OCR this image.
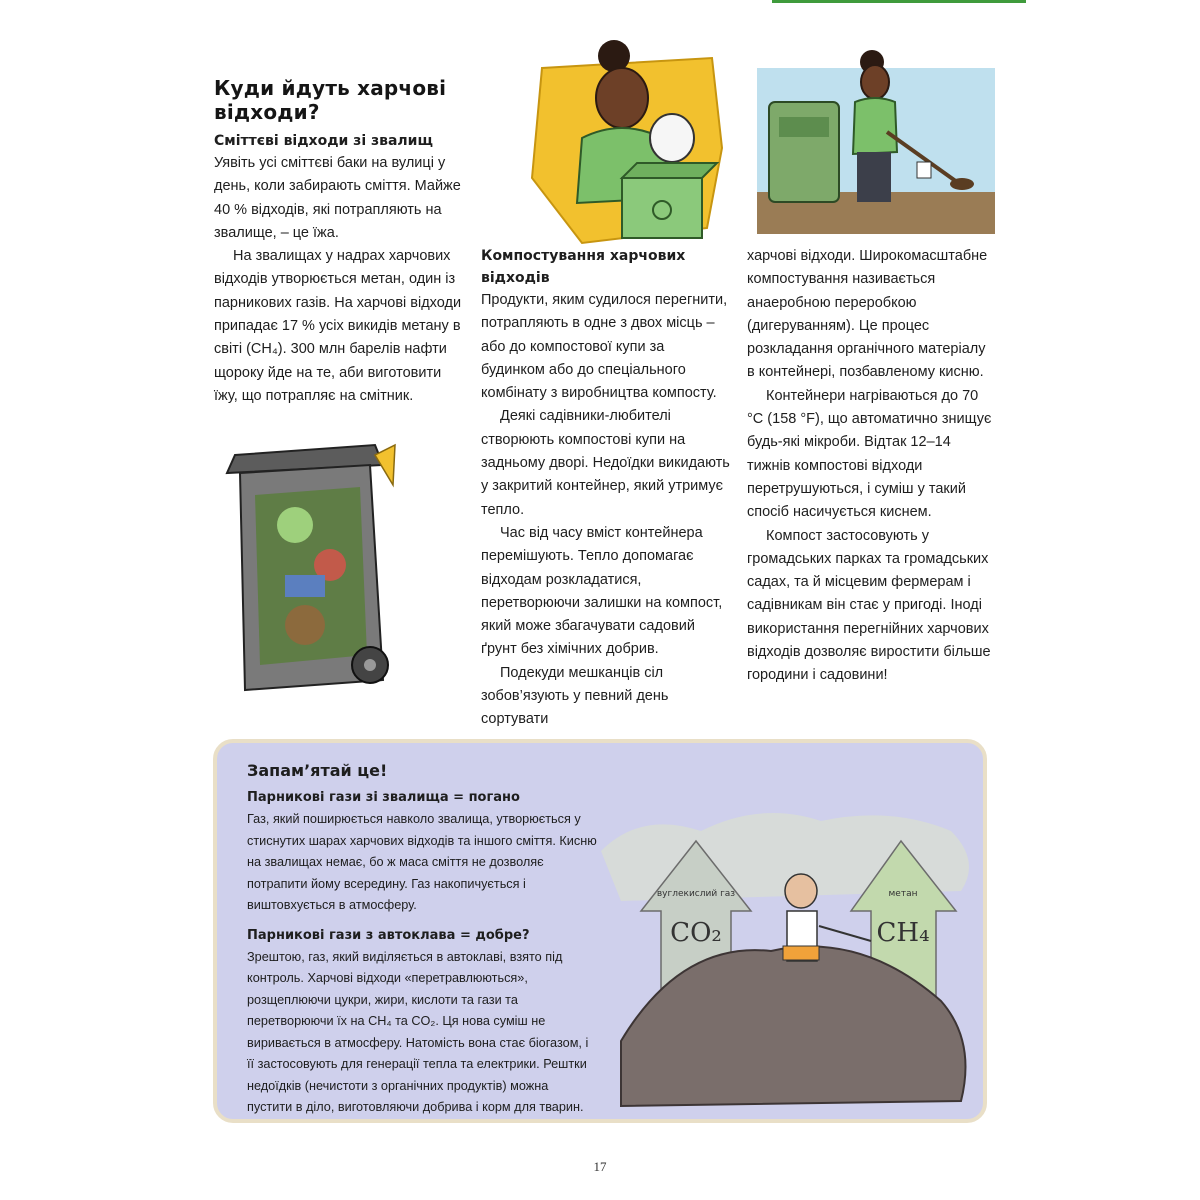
Куди йдуть харчові відходи?
Сміттєві відходи зі звалищ

Уявіть усі сміттєві баки на вулиці у день, коли забирають сміття. Майже 40 % відходів, які потрапляють на звалище, – це їжа.

На звалищах у надрах харчових відходів утворюється метан, один із парникових газів. На харчові відходи припадає 17 % усіх викидів метану в світі (CH₄). 300 млн барелів нафти щороку йде на те, аби виготовити їжу, що потрапляє на смітник.

Компостування харчових відходів

Продукти, яким судилося перегнити, потрапляють в одне з двох місць – або до компостової купи за будинком або до спеціального комбінату з виробництва компосту.

Деякі садівники-любителі створюють компостові купи на задньому дворі. Недоїдки викидають у закритий контейнер, який утримує тепло.

Час від часу вміст контейнера перемішують. Тепло допомагає відходам розкладатися, перетворюючи залишки на компост, який може збагачувати садовий ґрунт без хімічних добрив.

Подекуди мешканців сіл зобов’язують у певний день сортувати

харчові відходи. Широкомасштабне компостування називається анаеробною переробкою (дигеруванням). Це процес розкладання органічного матеріалу в контейнері, позбавленому кисню.

Контейнери нагріваються до 70 °C (158 °F), що автоматично знищує будь-які мікроби. Відтак 12–14 тижнів компостові відходи перетрушуються, і суміш у такий спосіб насичується киснем.

Компост застосовують у громадських парках та громадських садах, та й місцевим фермерам і садівникам він стає у пригоді. Іноді використання перегнійних харчових відходів дозволяє виростити більше городини і садовини!

Запам’ятай це!
Парникові гази зі звалища = погано

Газ, який поширюється навколо звалища, утворюється у стиснутих шарах харчових відходів та іншого сміття. Кисню на звалищах немає, бо ж маса сміття не дозволяє потрапити йому всередину. Газ накопичується і виштовхується в атмосферу.

Парникові гази з автоклава = добре?

Зрештою, газ, який виділяється в автоклаві, взято під контроль. Харчові відходи «перетравлюються», розщеплюючи цукри, жири, кислоти та гази та перетворюючи їх на CH₄ та CO₂. Ця нова суміш не виривається в атмосферу. Натомість вона стає біогазом, і її застосовують для генерації тепла та електрики. Рештки недоїдків (нечистоти з органічних продуктів) можна пустити в діло, виготовляючи добрива і корм для тварин.

вуглекислий газ
CO₂
метан
CH₄
17
